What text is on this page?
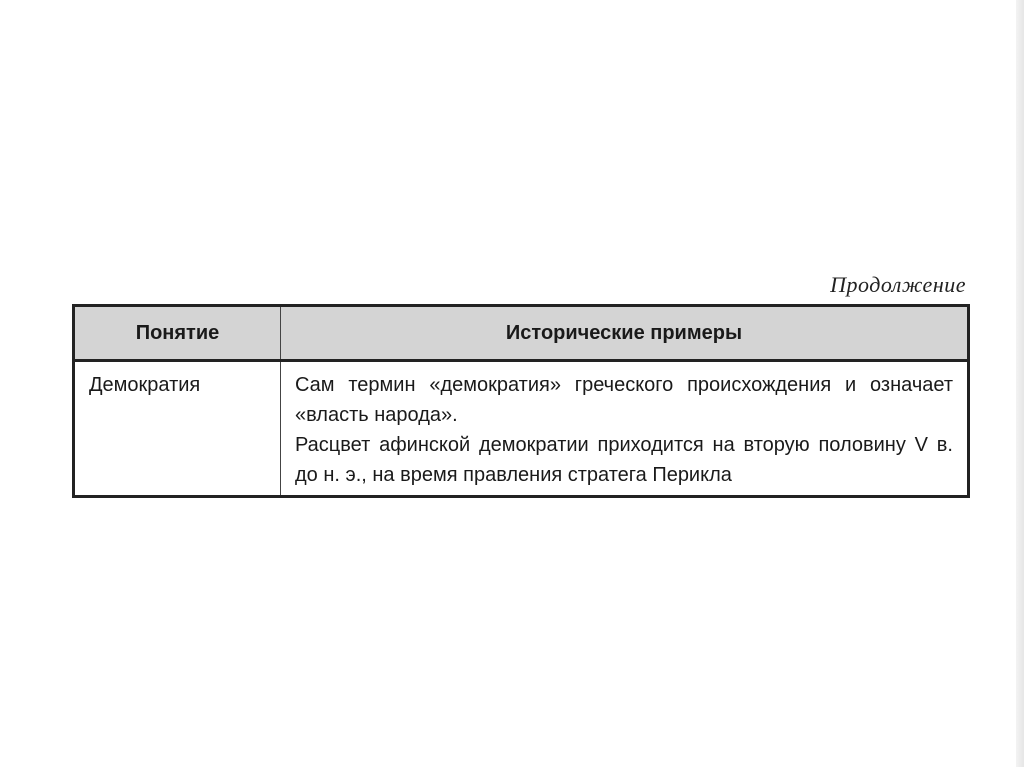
Продолжение
Понятие	Исторические примеры
Демократия	Сам термин «демократия» греческого происхождения и означает «власть народа».

Расцвет афинской демократии приходится на вторую половину V в. до н. э., на время правления стратега Перикла
